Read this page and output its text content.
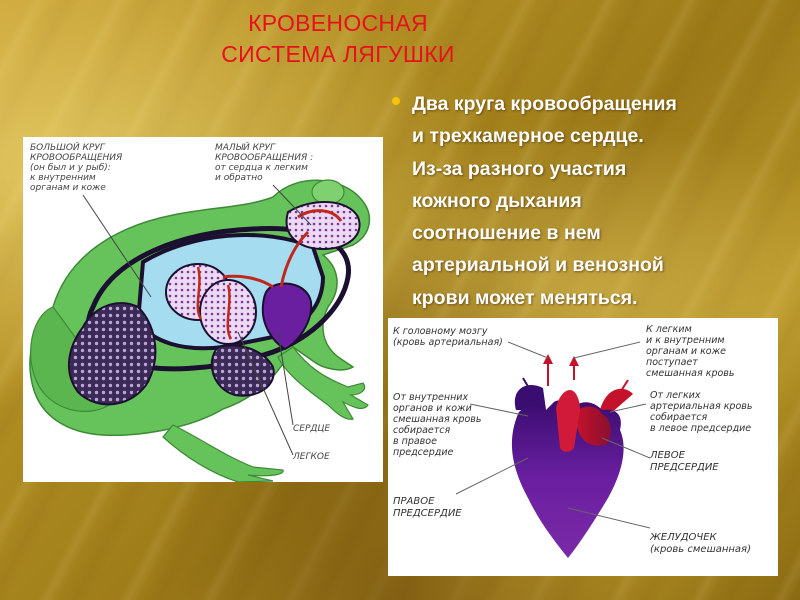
КРОВЕНОСНАЯ СИСТЕМА ЛЯГУШКИ
Два круга кровообращения
и трехкамерное сердце.
Из-за разного участия
кожного дыхания
соотношение в нем
артериальной и венозной
крови может меняться.
БОЛЬШОЙ КРУГ КРОВООБРАЩЕНИЯ (он был и у рыб): к внутренним органам и коже
МАЛЫЙ КРУГ КРОВООБРАЩЕНИЯ : от сердца к легким и обратно
СЕРДЦЕ
ЛЕГКОЕ
К головному мозгу (кровь артериальная)
К легким и к внутренним органам и коже поступает смешанная кровь
От внутренних органов и кожи смешанная кровь собирается в правое предсердие
От легких артериальная кровь собирается в левое предсердие
ЛЕВОЕ ПРЕДСЕРДИЕ
ПРАВОЕ ПРЕДСЕРДИЕ
ЖЕЛУДОЧЕК (кровь смешанная)
